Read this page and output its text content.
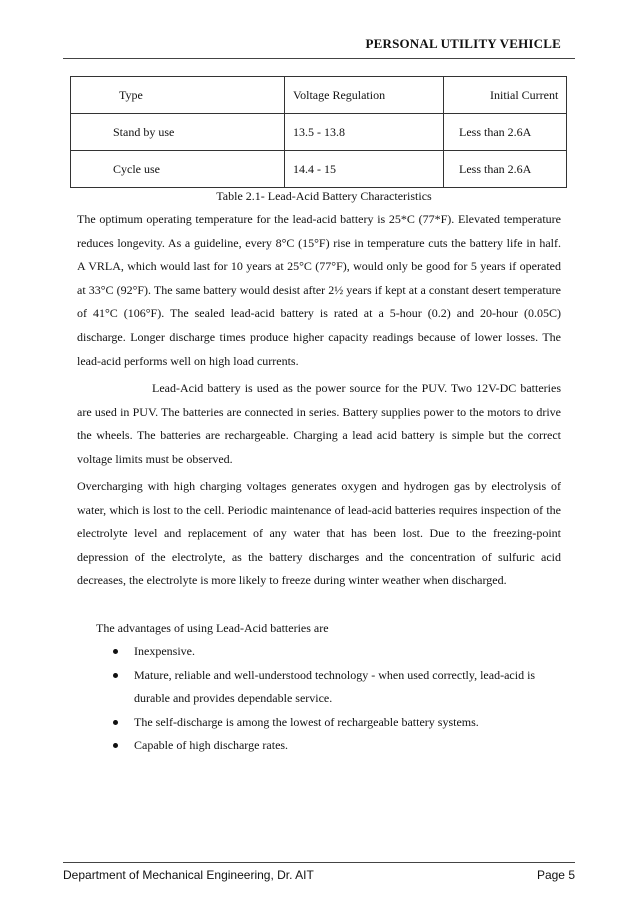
PERSONAL UTILITY VEHICLE
Type	Voltage Regulation	Initial Current
Stand by use	13.5 - 13.8	Less than 2.6A
Cycle use	14.4 - 15	Less than 2.6A
Table 2.1- Lead-Acid Battery Characteristics
The optimum operating temperature for the lead-acid battery is 25*C (77*F). Elevated temperature reduces longevity. As a guideline, every 8°C (15°F) rise in temperature cuts the battery life in half. A VRLA, which would last for 10 years at 25°C (77°F), would only be good for 5 years if operated at 33°C (92°F). The same battery would desist after 2½ years if kept at a constant desert temperature of 41°C (106°F). The sealed lead-acid battery is rated at a 5-hour (0.2) and 20-hour (0.05C) discharge. Longer discharge times produce higher capacity readings because of lower losses. The lead-acid performs well on high load currents.
Lead-Acid battery is used as the power source for the PUV. Two 12V-DC batteries are used in PUV. The batteries are connected in series. Battery supplies power to the motors to drive the wheels. The batteries are rechargeable. Charging a lead acid battery is simple but the correct voltage limits must be observed.
Overcharging with high charging voltages generates oxygen and hydrogen gas by electrolysis of water, which is lost to the cell. Periodic maintenance of lead-acid batteries requires inspection of the electrolyte level and replacement of any water that has been lost. Due to the freezing-point depression of the electrolyte, as the battery discharges and the concentration of sulfuric acid decreases, the electrolyte is more likely to freeze during winter weather when discharged.
The advantages of using Lead-Acid batteries are
Inexpensive.
Mature, reliable and well-understood technology - when used correctly, lead-acid is durable and provides dependable service.
The self-discharge is among the lowest of rechargeable battery systems.
Capable of high discharge rates.
Department of Mechanical Engineering, Dr. AIT	Page 5
